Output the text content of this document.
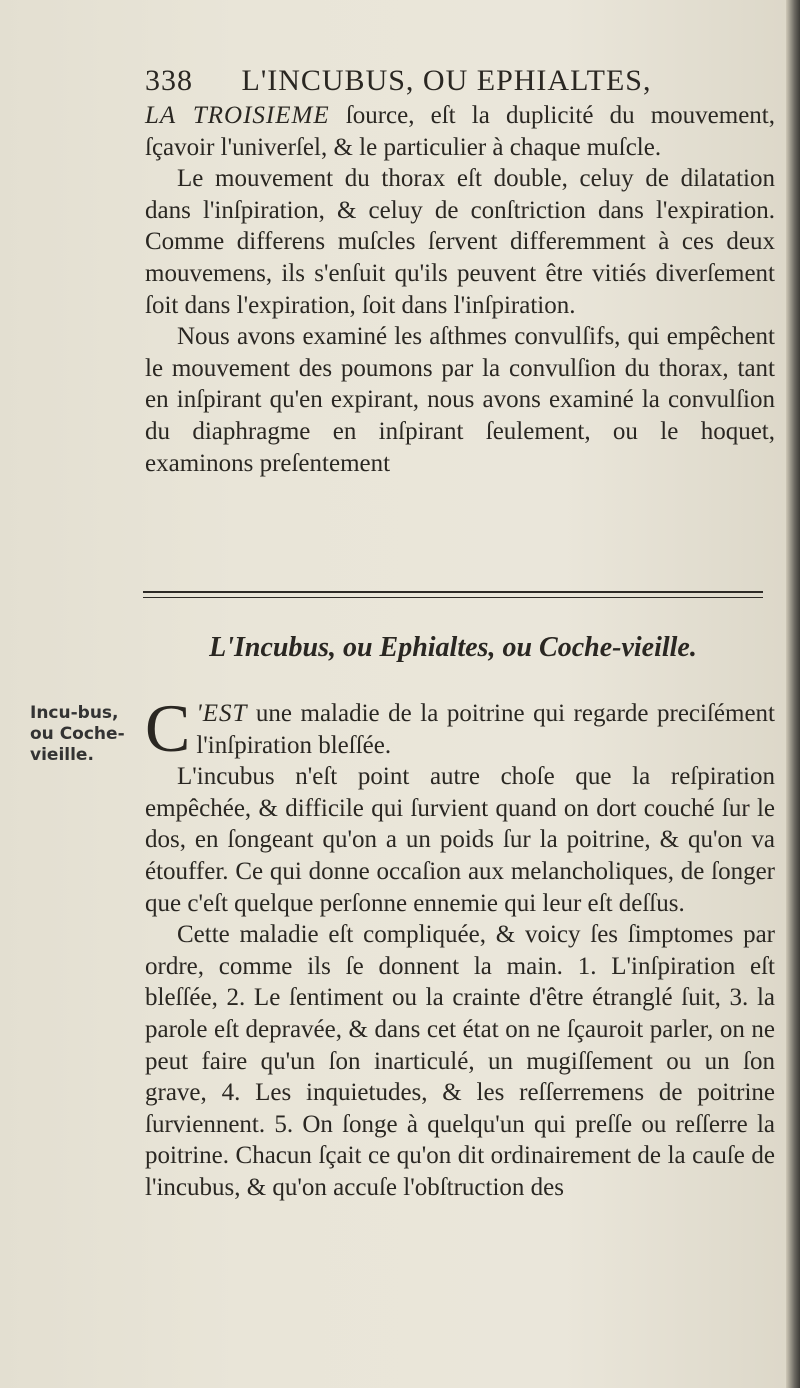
338 L'INCUBUS, OU EPHIALTES,

LA TROISIEME ſource, eſt la duplicité du mouvement, ſçavoir l'univerſel, & le particulier à chaque muſcle.

Le mouvement du thorax eſt double, celuy de dilatation dans l'inſpiration, & celuy de conſtriction dans l'expiration. Comme differens muſcles ſervent differemment à ces deux mouvemens, ils s'enſuit qu'ils peuvent être vitiés diverſement ſoit dans l'expiration, ſoit dans l'inſpiration.

Nous avons examiné les aſthmes convulſifs, qui empêchent le mouvement des poumons par la convulſion du thorax, tant en inſpirant qu'en expirant, nous avons examiné la convulſion du diaphragme en inſpirant ſeulement, ou le hoquet, examinons preſentement

L'Incubus, ou Ephialtes, ou Coche-vieille.
Incu-bus, ou Coche-vieille. C 'EST une maladie de la poitrine qui regarde preciſément l'inſpiration bleſſée.

L'incubus n'eſt point autre choſe que la reſpiration empêchée, & difficile qui ſurvient quand on dort couché ſur le dos, en ſongeant qu'on a un poids ſur la poitrine, & qu'on va étouffer. Ce qui donne occaſion aux melancholiques, de ſonger que c'eſt quelque perſonne ennemie qui leur eſt deſſus.

Cette maladie eſt compliquée, & voicy ſes ſimptomes par ordre, comme ils ſe donnent la main. 1. L'inſpiration eſt bleſſée, 2. Le ſentiment ou la crainte d'être étranglé ſuit, 3. la parole eſt depravée, & dans cet état on ne ſçauroit parler, on ne peut faire qu'un ſon inarticulé, un mugiſſement ou un ſon grave, 4. Les inquietudes, & les reſſerremens de poitrine ſurviennent. 5. On ſonge à quelqu'un qui preſſe ou reſſerre la poitrine. Chacun ſçait ce qu'on dit ordinairement de la cauſe de l'incubus, & qu'on accuſe l'obſtruction des
